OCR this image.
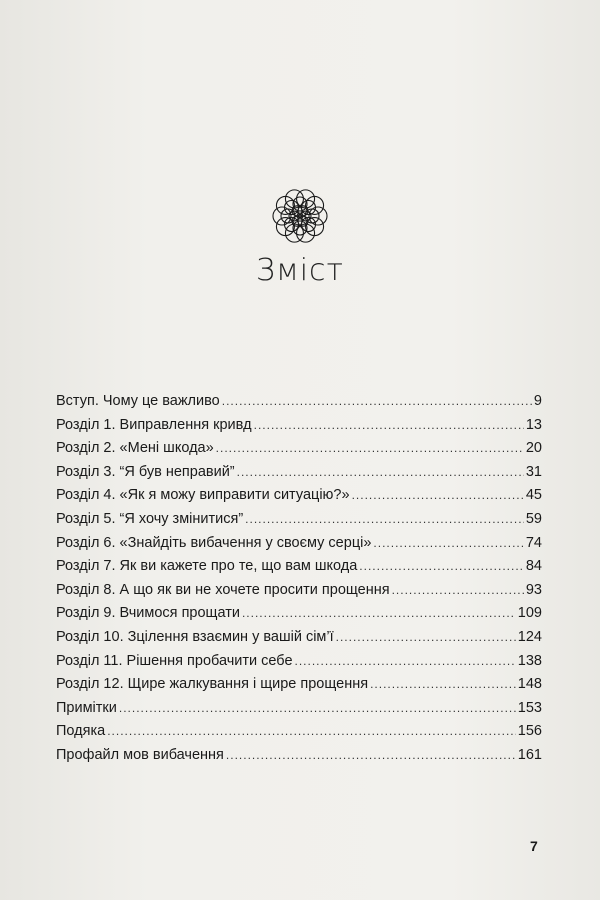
Зміст
Вступ. Чому це важливо .....	9
Розділ 1. Виправлення кривд .....	13
Розділ 2. «Мені шкода» .....	20
Розділ 3. “Я був неправий” .....	31
Розділ 4. «Як я можу виправити ситуацію?» .....	45
Розділ 5. “Я хочу змінитися” .....	59
Розділ 6. «Знайдіть вибачення у своєму серці» .....	74
Розділ 7. Як ви кажете про те, що вам шкода .....	84
Розділ 8. А що як ви не хочете просити прощення .....	93
Розділ 9. Вчимося прощати .....	109
Розділ 10. Зцілення взаємин у вашій сім’ї .....	124
Розділ 11. Рішення пробачити себе .....	138
Розділ 12. Щире жалкування і щире прощення .....	148
Примітки .....	153
Подяка .....	156
Профайл мов вибачення .....	161
7
